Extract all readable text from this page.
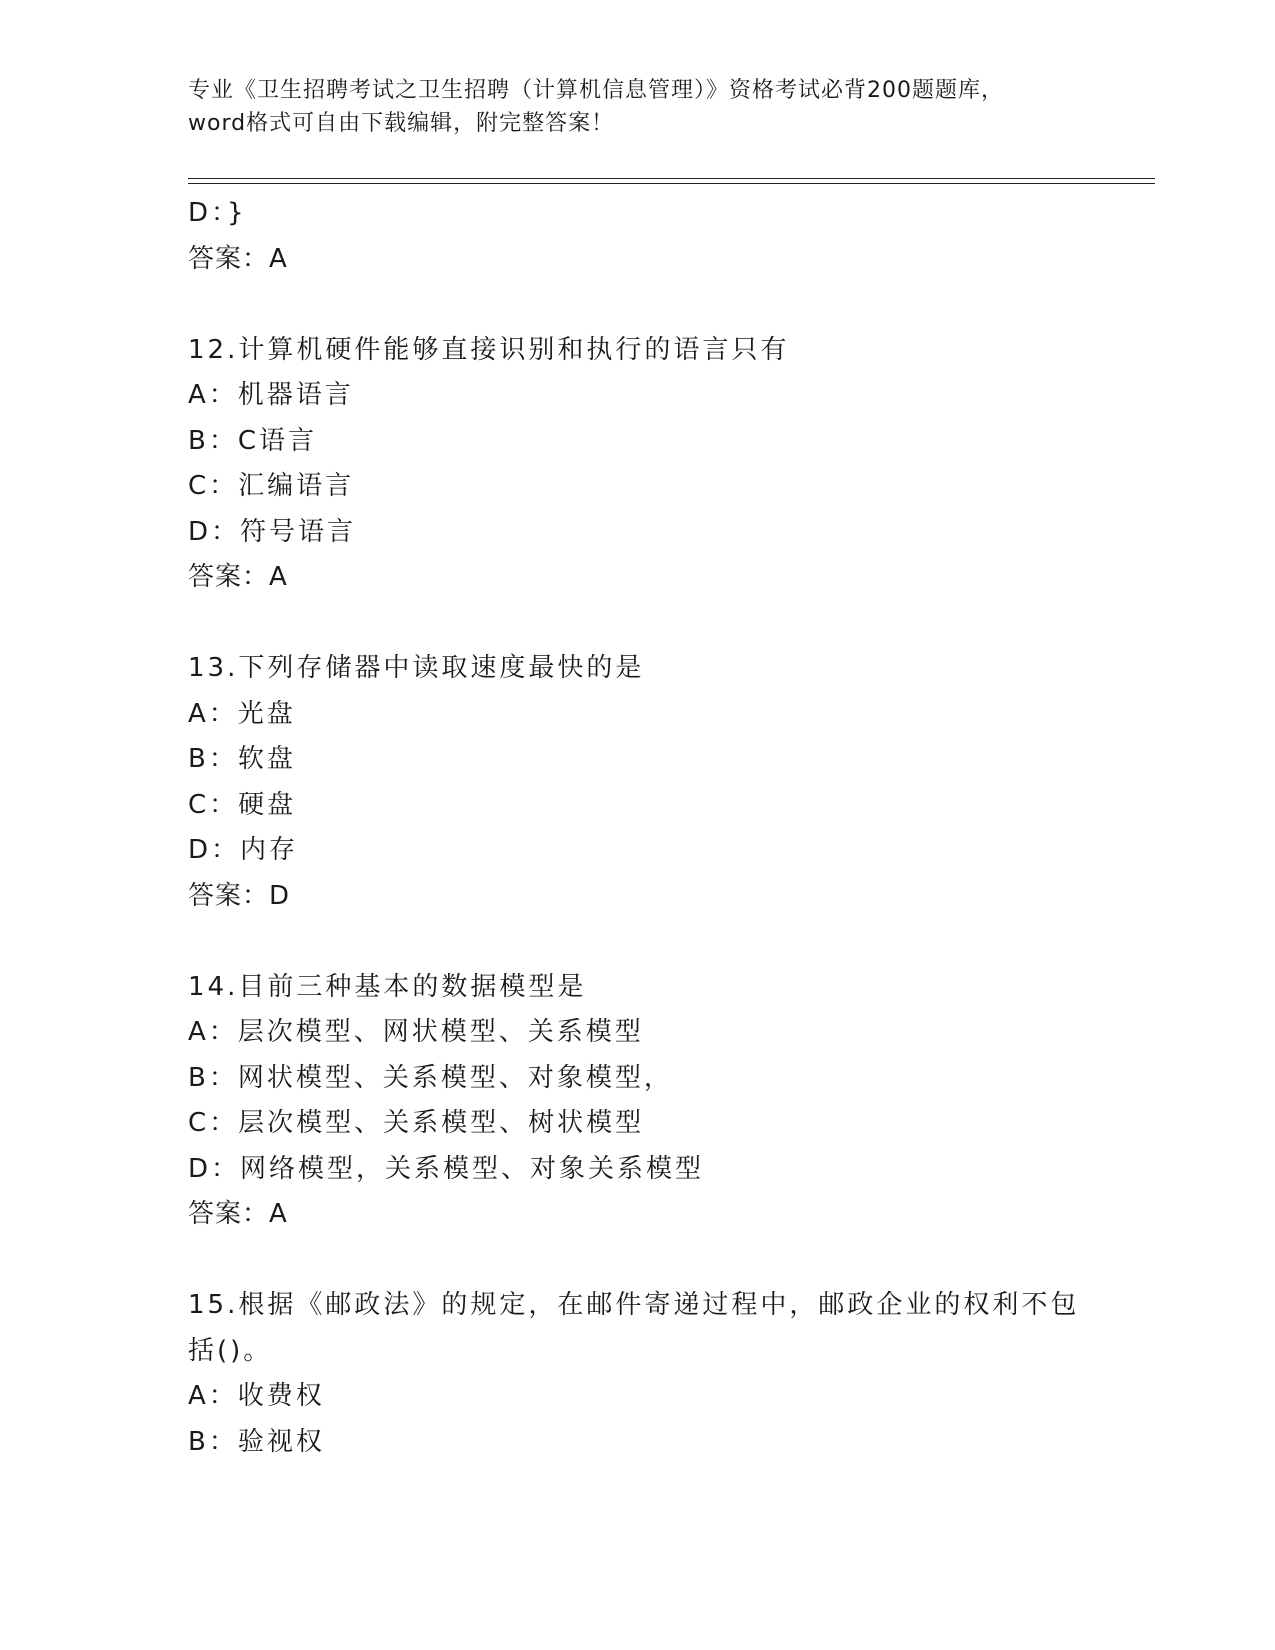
专业《卫生招聘考试之卫生招聘（计算机信息管理）》资格考试必背200题题库，

word格式可自由下载编辑，附完整答案！

D：}
答案：A
12.计算机硬件能够直接识别和执行的语言只有
A：机器语言
B：C语言
C：汇编语言
D：符号语言
答案：A
13.下列存储器中读取速度最快的是
A：光盘
B：软盘
C：硬盘
D：内存
答案：D
14.目前三种基本的数据模型是
A：层次模型、网状模型、关系模型
B：网状模型、关系模型、对象模型，
C：层次模型、关系模型、树状模型
D：网络模型，关系模型、对象关系模型
答案：A
15.根据《邮政法》的规定，在邮件寄递过程中，邮政企业的权利不包
括()。
A：收费权
B：验视权
